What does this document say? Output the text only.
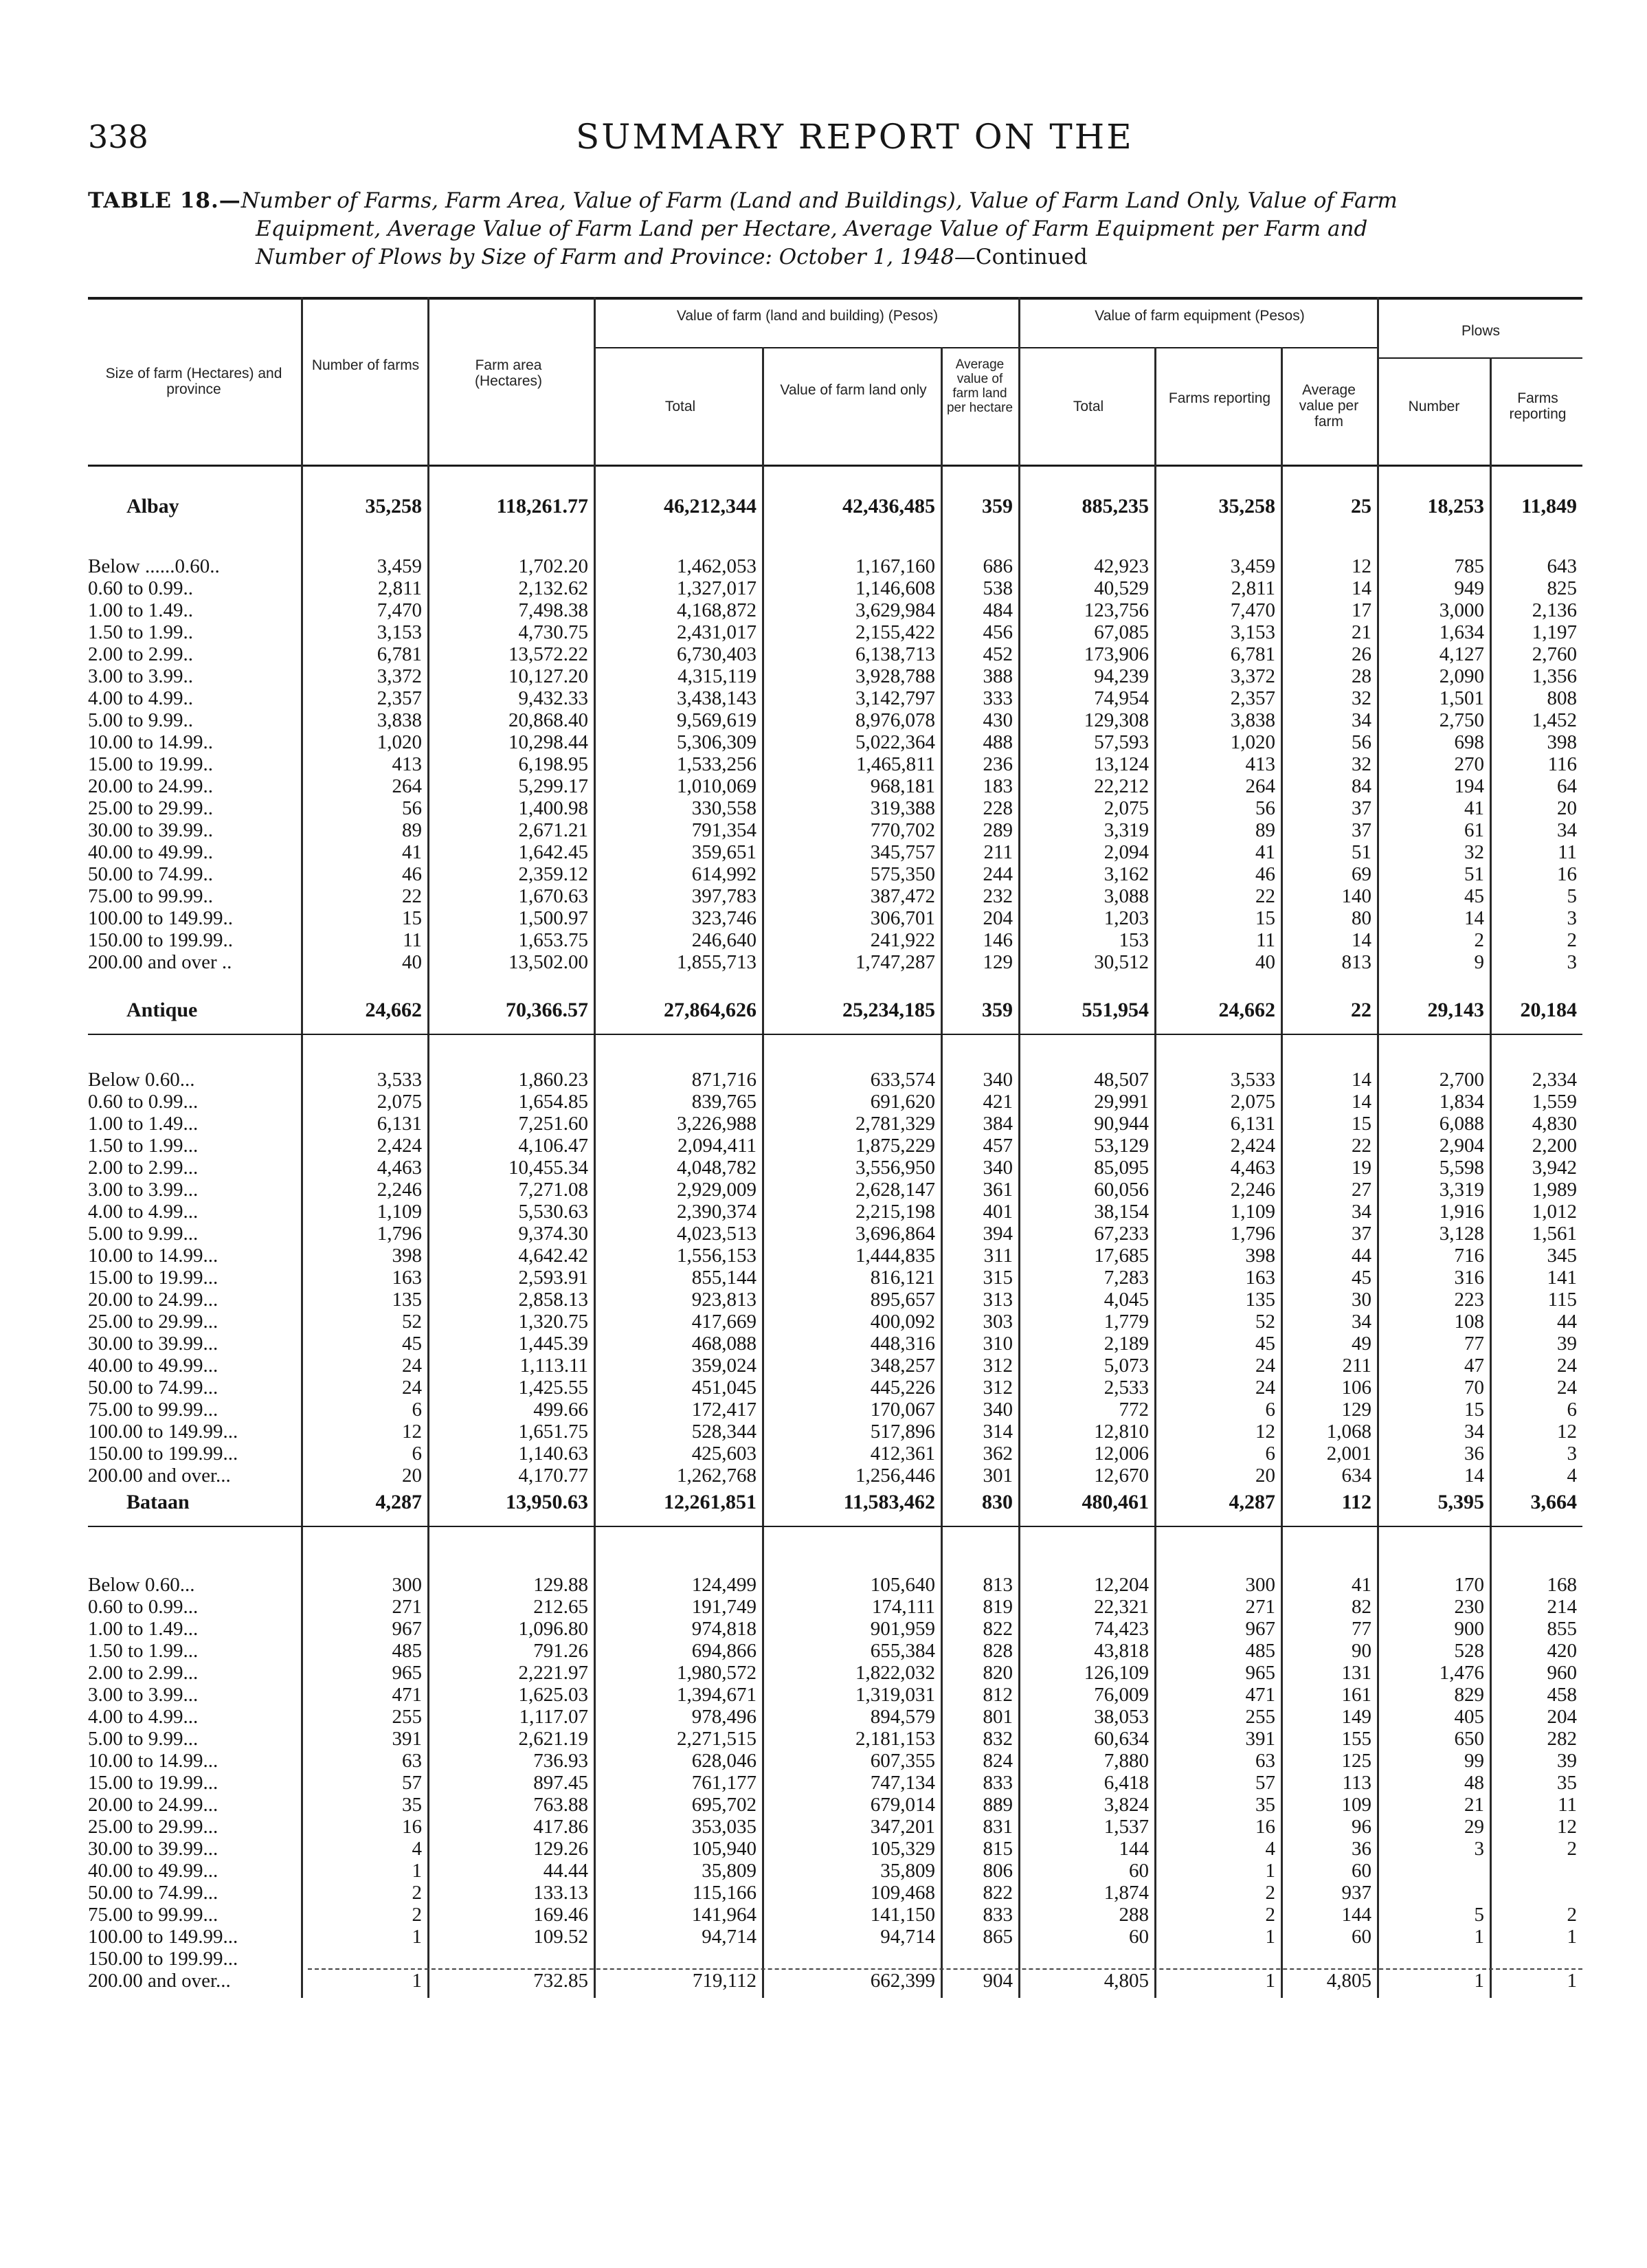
338	SUMMARY REPORT ON THE
TABLE 18.—Number of Farms, Farm Area, Value of Farm (Land and Buildings), Value of Farm Land Only, Value of Farm
Equipment, Average Value of Farm Land per Hectare, Average Value of Farm Equipment per Farm and
Number of Plows by Size of Farm and Province: October 1, 1948—Continued
Size of farm (Hectares) and province
Number of farms	Farm area (Hectares)
Value of farm (land and building) (Pesos)
Total
Value of farm land only
Average value of farm land per hectare
Value of farm equipment (Pesos)
Total
Farms reporting
Average value per farm
Plows
Number
Farms reporting
Albay	35,258	118,261.77	46,212,344	42,436,485	359	885,235	35,258	25	18,253	11,849
Below ......0.60..	3,459	1,702.20	1,462,053	1,167,160	686	42,923	3,459	12	785	643
0.60 to 0.99..	2,811	2,132.62	1,327,017	1,146,608	538	40,529	2,811	14	949	825
1.00 to 1.49..	7,470	7,498.38	4,168,872	3,629,984	484	123,756	7,470	17	3,000	2,136
1.50 to 1.99..	3,153	4,730.75	2,431,017	2,155,422	456	67,085	3,153	21	1,634	1,197
2.00 to 2.99..	6,781	13,572.22	6,730,403	6,138,713	452	173,906	6,781	26	4,127	2,760
3.00 to 3.99..	3,372	10,127.20	4,315,119	3,928,788	388	94,239	3,372	28	2,090	1,356
4.00 to 4.99..	2,357	9,432.33	3,438,143	3,142,797	333	74,954	2,357	32	1,501	808
5.00 to 9.99..	3,838	20,868.40	9,569,619	8,976,078	430	129,308	3,838	34	2,750	1,452
10.00 to 14.99..	1,020	10,298.44	5,306,309	5,022,364	488	57,593	1,020	56	698	398
15.00 to 19.99..	413	6,198.95	1,533,256	1,465,811	236	13,124	413	32	270	116
20.00 to 24.99..	264	5,299.17	1,010,069	968,181	183	22,212	264	84	194	64
25.00 to 29.99..	56	1,400.98	330,558	319,388	228	2,075	56	37	41	20
30.00 to 39.99..	89	2,671.21	791,354	770,702	289	3,319	89	37	61	34
40.00 to 49.99..	41	1,642.45	359,651	345,757	211	2,094	41	51	32	11
50.00 to 74.99..	46	2,359.12	614,992	575,350	244	3,162	46	69	51	16
75.00 to 99.99..	22	1,670.63	397,783	387,472	232	3,088	22	140	45	5
100.00 to 149.99..	15	1,500.97	323,746	306,701	204	1,203	15	80	14	3
150.00 to 199.99..	11	1,653.75	246,640	241,922	146	153	11	14	2	2
200.00 and over ..	40	13,502.00	1,855,713	1,747,287	129	30,512	40	813	9	3
Antique	24,662	70,366.57	27,864,626	25,234,185	359	551,954	24,662	22	29,143	20,184
Below 0.60...	3,533	1,860.23	871,716	633,574	340	48,507	3,533	14	2,700	2,334
0.60 to 0.99...	2,075	1,654.85	839,765	691,620	421	29,991	2,075	14	1,834	1,559
1.00 to 1.49...	6,131	7,251.60	3,226,988	2,781,329	384	90,944	6,131	15	6,088	4,830
1.50 to 1.99...	2,424	4,106.47	2,094,411	1,875,229	457	53,129	2,424	22	2,904	2,200
2.00 to 2.99...	4,463	10,455.34	4,048,782	3,556,950	340	85,095	4,463	19	5,598	3,942
3.00 to 3.99...	2,246	7,271.08	2,929,009	2,628,147	361	60,056	2,246	27	3,319	1,989
4.00 to 4.99...	1,109	5,530.63	2,390,374	2,215,198	401	38,154	1,109	34	1,916	1,012
5.00 to 9.99...	1,796	9,374.30	4,023,513	3,696,864	394	67,233	1,796	37	3,128	1,561
10.00 to 14.99...	398	4,642.42	1,556,153	1,444,835	311	17,685	398	44	716	345
15.00 to 19.99...	163	2,593.91	855,144	816,121	315	7,283	163	45	316	141
20.00 to 24.99...	135	2,858.13	923,813	895,657	313	4,045	135	30	223	115
25.00 to 29.99...	52	1,320.75	417,669	400,092	303	1,779	52	34	108	44
30.00 to 39.99...	45	1,445.39	468,088	448,316	310	2,189	45	49	77	39
40.00 to 49.99...	24	1,113.11	359,024	348,257	312	5,073	24	211	47	24
50.00 to 74.99...	24	1,425.55	451,045	445,226	312	2,533	24	106	70	24
75.00 to 99.99...	6	499.66	172,417	170,067	340	772	6	129	15	6
100.00 to 149.99...	12	1,651.75	528,344	517,896	314	12,810	12	1,068	34	12
150.00 to 199.99...	6	1,140.63	425,603	412,361	362	12,006	6	2,001	36	3
200.00 and over...	20	4,170.77	1,262,768	1,256,446	301	12,670	20	634	14	4
Bataan	4,287	13,950.63	12,261,851	11,583,462	830	480,461	4,287	112	5,395	3,664
Below 0.60...	300	129.88	124,499	105,640	813	12,204	300	41	170	168
0.60 to 0.99...	271	212.65	191,749	174,111	819	22,321	271	82	230	214
1.00 to 1.49...	967	1,096.80	974,818	901,959	822	74,423	967	77	900	855
1.50 to 1.99...	485	791.26	694,866	655,384	828	43,818	485	90	528	420
2.00 to 2.99...	965	2,221.97	1,980,572	1,822,032	820	126,109	965	131	1,476	960
3.00 to 3.99...	471	1,625.03	1,394,671	1,319,031	812	76,009	471	161	829	458
4.00 to 4.99...	255	1,117.07	978,496	894,579	801	38,053	255	149	405	204
5.00 to 9.99...	391	2,621.19	2,271,515	2,181,153	832	60,634	391	155	650	282
10.00 to 14.99...	63	736.93	628,046	607,355	824	7,880	63	125	99	39
15.00 to 19.99...	57	897.45	761,177	747,134	833	6,418	57	113	48	35
20.00 to 24.99...	35	763.88	695,702	679,014	889	3,824	35	109	21	11
25.00 to 29.99...	16	417.86	353,035	347,201	831	1,537	16	96	29	12
30.00 to 39.99...	4	129.26	105,940	105,329	815	144	4	36	3	2
40.00 to 49.99...	1	44.44	35,809	35,809	806	60	1	60		
50.00 to 74.99...	2	133.13	115,166	109,468	822	1,874	2	937		
75.00 to 99.99...	2	169.46	141,964	141,150	833	288	2	144	5	2
100.00 to 149.99...	1	109.52	94,714	94,714	865	60	1	60	1	1
150.00 to 199.99...										
200.00 and over...	1	732.85	719,112	662,399	904	4,805	1	4,805	1	1
